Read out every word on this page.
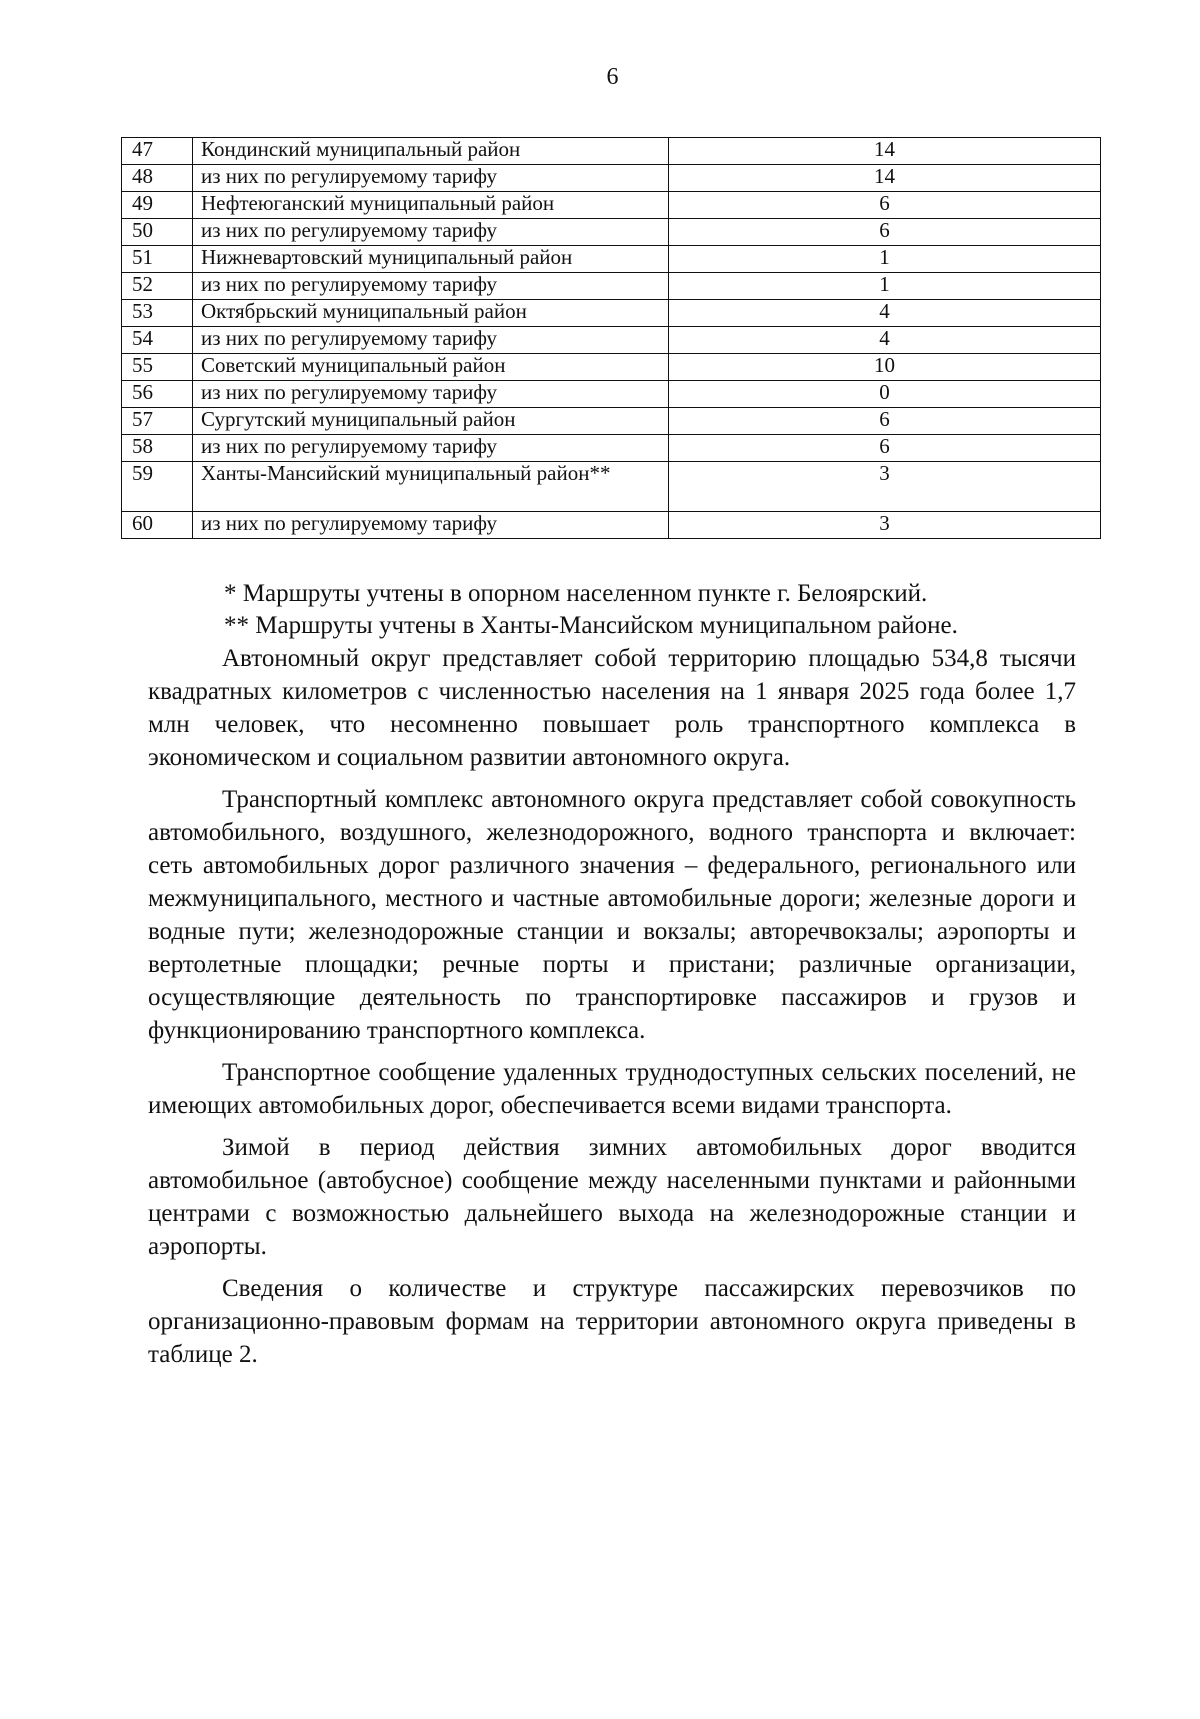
6
47	Кондинский муниципальный район	14
48	из них по регулируемому тарифу	14
49	Нефтеюганский муниципальный район	6
50	из них по регулируемому тарифу	6
51	Нижневартовский муниципальный район	1
52	из них по регулируемому тарифу	1
53	Октябрьский муниципальный район	4
54	из них по регулируемому тарифу	4
55	Советский муниципальный район	10
56	из них по регулируемому тарифу	0
57	Сургутский муниципальный район	6
58	из них по регулируемому тарифу	6
59	Ханты-Мансийский муниципальный район**	3
60	из них по регулируемому тарифу	3

* Маршруты учтены в опорном населенном пункте г. Белоярский.

** Маршруты учтены в Ханты-Мансийском муниципальном районе.

Автономный округ представляет собой территорию площадью 534,8 тысячи квадратных километров с численностью населения на 1 января 2025 года более 1,7 млн человек, что несомненно повышает роль транспортного комплекса в экономическом и социальном развитии автономного округа.

Транспортный комплекс автономного округа представляет собой совокупность автомобильного, воздушного, железнодорожного, водного транспорта и включает: сеть автомобильных дорог различного значения – федерального, регионального или межмуниципального, местного и частные автомобильные дороги; железные дороги и водные пути; железнодорожные станции и вокзалы; авторечвокзалы; аэропорты и вертолетные площадки; речные порты и пристани; различные организации, осуществляющие деятельность по транспортировке пассажиров и грузов и функционированию транспортного комплекса.

Транспортное сообщение удаленных труднодоступных сельских поселений, не имеющих автомобильных дорог, обеспечивается всеми видами транспорта.

Зимой в период действия зимних автомобильных дорог вводится автомобильное (автобусное) сообщение между населенными пунктами и районными центрами с возможностью дальнейшего выхода на железнодорожные станции и аэропорты.

Сведения о количестве и структуре пассажирских перевозчиков по организационно-правовым формам на территории автономного округа приведены в таблице 2.
